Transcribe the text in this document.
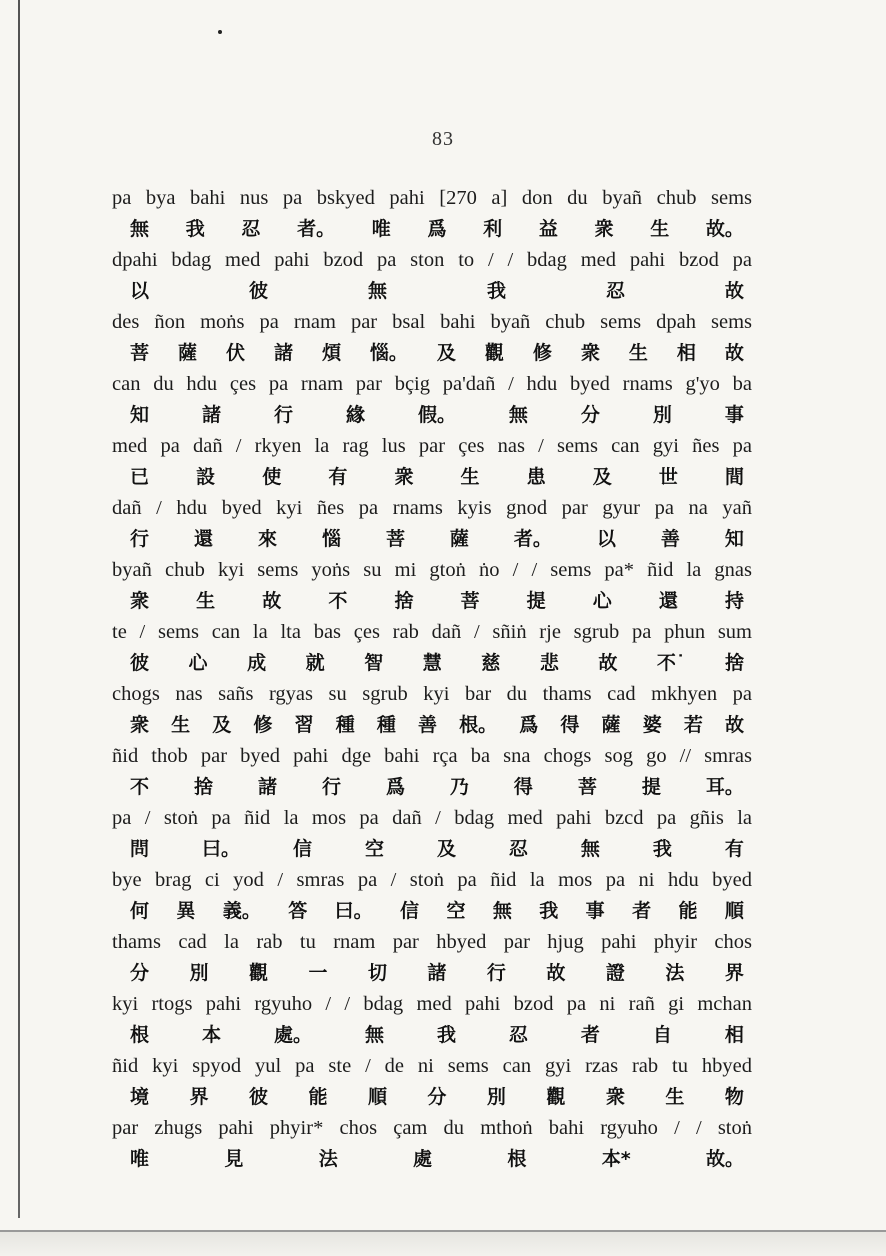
83
pa bya bahi nus pa bskyed pahi [270 a] don du byañ chub sems
無 我 忍 者。 唯 爲 利 益 衆 生 故。
dpahi bdag med pahi bzod pa ston to / / bdag med pahi bzod pa
以	彼	無	我	忍	故
des ñon moṅs pa rnam par bsal bahi byañ chub sems dpah sems
菩 薩 伏 諸 煩 惱。 及 觀 修 衆 生 相 故
can du hdu çes pa rnam par bçig pa'dañ / hdu byed rnams g'yo ba
知	諸	行	緣	假。	無	分	別	事
med pa dañ / rkyen la rag lus par çes nas / sems can gyi ñes pa
已 設 使 有 衆 生 患 及 世 間
dañ / hdu byed kyi ñes pa rnams kyis gnod par gyur pa na yañ
行 還 來 惱 菩 薩 者。 以 善 知
byañ chub kyi sems yoṅs su mi gtoṅ ṅo / / sems pa* ñid la gnas
衆 生 故 不 捨 菩 提 心 還 持
te / sems can la lta bas çes rab dañ / sñiṅ rje sgrub pa phun sum
彼 心 成 就 智 慧 慈 悲 故 不˙ 捨
chogs nas sañs rgyas su sgrub kyi bar du thams cad mkhyen pa
衆 生 及 修 習 種 種 善 根。 爲 得 薩 婆 若 故
ñid thob par byed pahi dge bahi rça ba sna chogs sog go // smras
不 捨 諸 行 爲 乃 得 菩 提 耳。
pa / stoṅ pa ñid la mos pa dañ / bdag med pahi bzcd pa gñis la
問	曰。	信	空	及	忍	無	我	有
bye brag ci yod / smras pa / stoṅ pa ñid la mos pa ni hdu byed
何 異 義。 答 曰。 信 空 無 我 事 者 能 順
thams cad la rab tu rnam par hbyed par hjug pahi phyir chos
分 別 觀 一 切 諸 行 故 證 法 界
kyi rtogs pahi rgyuho / / bdag med pahi bzod pa ni rañ gi mchan
根	本	處。	無	我	忍	者	自	相
ñid kyi spyod yul pa ste / de ni sems can gyi rzas rab tu hbyed
境 界 彼 能 順 分 別 觀 衆 生 物
par zhugs pahi phyir* chos çam du mthoṅ bahi rgyuho / / stoṅ
唯	見	法	處	根	本*	故。
